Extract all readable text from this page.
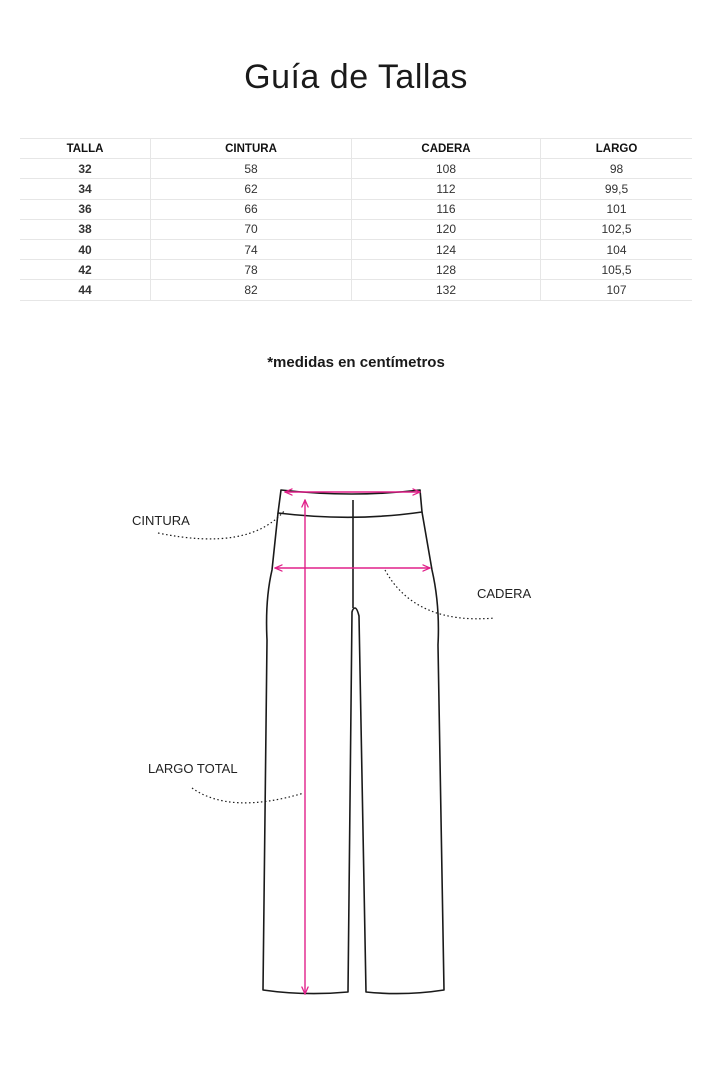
Guía de Tallas
TALLA	CINTURA	CADERA	LARGO
32	58	108	98
34	62	112	99,5
36	66	116	101
38	70	120	102,5
40	74	124	104
42	78	128	105,5
44	82	132	107
*medidas en centímetros
CINTURA
CADERA
LARGO TOTAL
